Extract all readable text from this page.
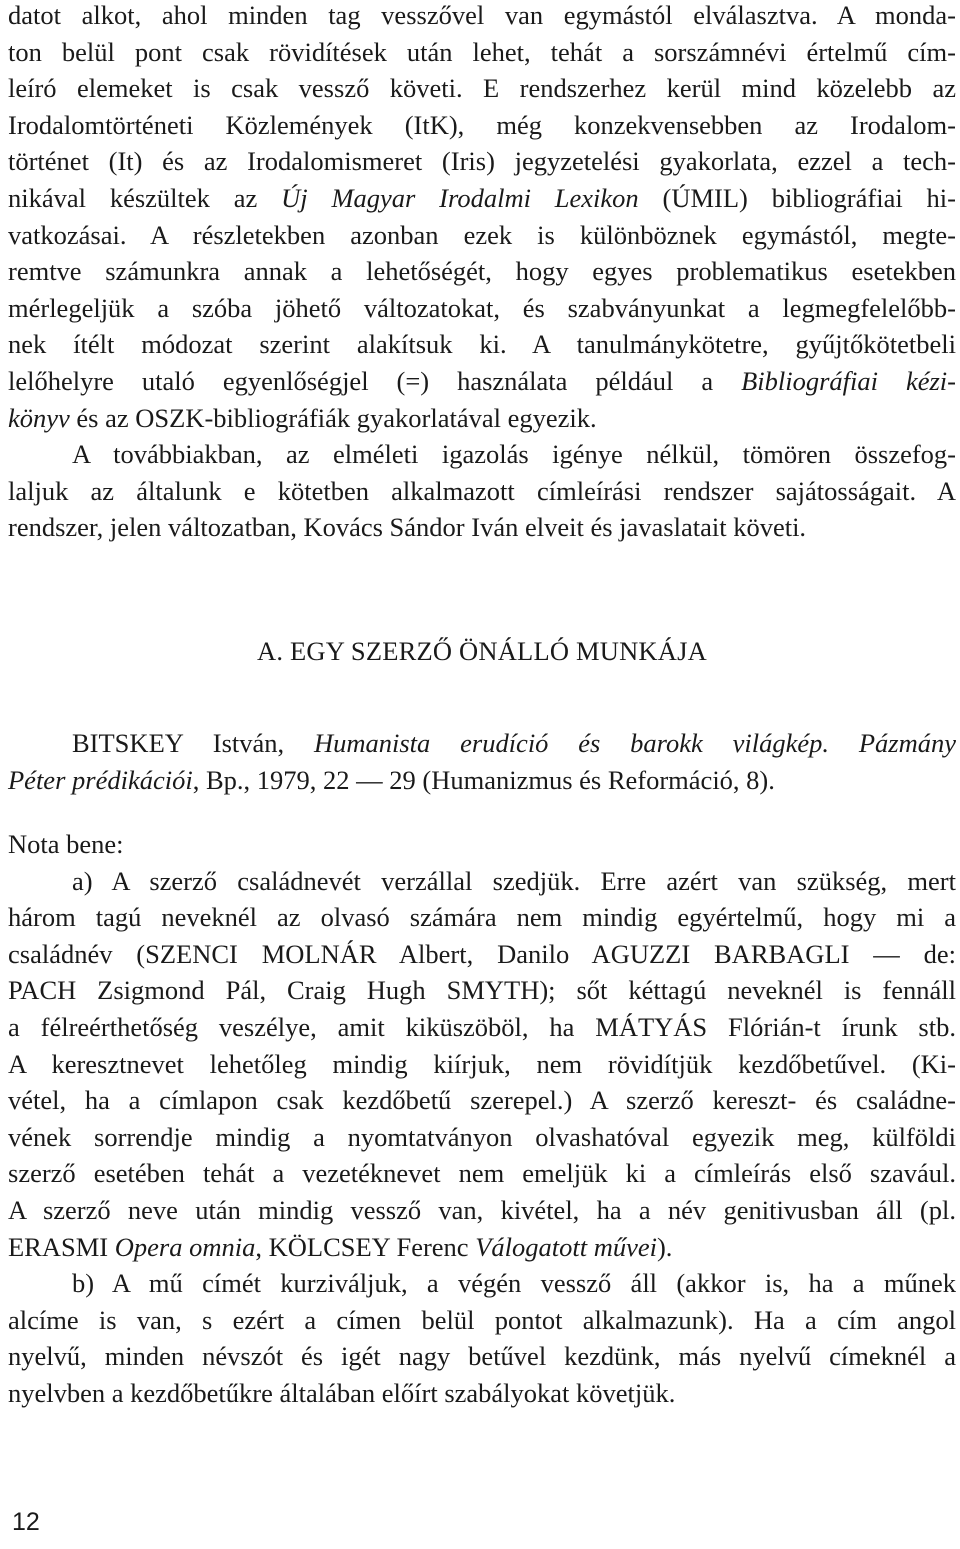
datot alkot, ahol minden tag vesszővel van egymástól elválasztva. A monda-
ton belül pont csak rövidítések után lehet, tehát a sorszámnévi értelmű cím-
leíró elemeket is csak vessző követi. E rendszerhez kerül mind közelebb az
Irodalomtörténeti Közlemények (ItK), még konzekvensebben az Irodalom-
történet (It) és az Irodalomismeret (Iris) jegyzetelési gyakorlata, ezzel a tech-
nikával készültek az Új Magyar Irodalmi Lexikon (ÚMIL) bibliográfiai hi-
vatkozásai. A részletekben azonban ezek is különböznek egymástól, megte-
remtve számunkra annak a lehetőségét, hogy egyes problematikus esetekben
mérlegeljük a szóba jöhető változatokat, és szabványunkat a legmegfelelőbb-
nek ítélt módozat szerint alakítsuk ki. A tanulmánykötetre, gyűjtőkötetbeli
lelőhelyre utaló egyenlőségjel (=) használata például a Bibliográfiai kézi-
könyv és az OSZK-bibliográfiák gyakorlatával egyezik.
A továbbiakban, az elméleti igazolás igénye nélkül, tömören összefog-
laljuk az általunk e kötetben alkalmazott címleírási rendszer sajátosságait. A
rendszer, jelen változatban, Kovács Sándor Iván elveit és javaslatait követi.
A. EGY SZERZŐ ÖNÁLLÓ MUNKÁJA
BITSKEY István, Humanista erudíció és barokk világkép. Pázmány
Péter prédikációi, Bp., 1979, 22 — 29 (Humanizmus és Reformáció, 8).
Nota bene:
a) A szerző családnevét verzállal szedjük. Erre azért van szükség, mert
három tagú neveknél az olvasó számára nem mindig egyértelmű, hogy mi a
családnév (SZENCI MOLNÁR Albert, Danilo AGUZZI BARBAGLI — de:
PACH Zsigmond Pál, Craig Hugh SMYTH); sőt kéttagú neveknél is fennáll
a félreérthetőség veszélye, amit kiküszöböl, ha MÁTYÁS Flórián-t írunk stb.
A keresztnevet lehetőleg mindig kiírjuk, nem rövidítjük kezdőbetűvel. (Ki-
vétel, ha a címlapon csak kezdőbetű szerepel.) A szerző kereszt- és családne-
vének sorrendje mindig a nyomtatványon olvashatóval egyezik meg, külföldi
szerző esetében tehát a vezetéknevet nem emeljük ki a címleírás első szavául.
A szerző neve után mindig vessző van, kivétel, ha a név genitivusban áll (pl.
ERASMI Opera omnia, KÖLCSEY Ferenc Válogatott művei).
b) A mű címét kurziváljuk, a végén vessző áll (akkor is, ha a műnek
alcíme is van, s ezért a címen belül pontot alkalmazunk). Ha a cím angol
nyelvű, minden névszót és igét nagy betűvel kezdünk, más nyelvű címeknél a
nyelvben a kezdőbetűkre általában előírt szabályokat követjük.
12
